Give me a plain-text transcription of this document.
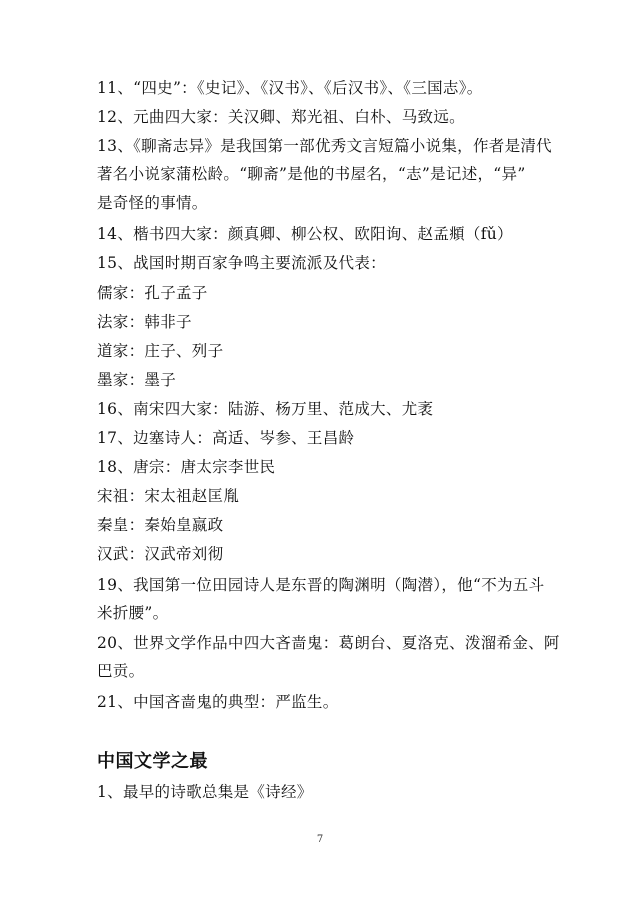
11、“四史”：《史记》、《汉书》、《后汉书》、《三国志》。
12、元曲四大家：关汉卿、郑光祖、白朴、马致远。
13、《聊斋志异》是我国第一部优秀文言短篇小说集，作者是清代
著名小说家蒲松龄。“聊斋”是他的书屋名，“志”是记述，“异”
是奇怪的事情。
14、楷书四大家：颜真卿、柳公权、欧阳询、赵孟頫（fǔ）
15、战国时期百家争鸣主要流派及代表：
儒家：孔子孟子
法家：韩非子
道家：庄子、列子
墨家：墨子
16、南宋四大家：陆游、杨万里、范成大、尤袤
17、边塞诗人：高适、岑参、王昌龄
18、唐宗：唐太宗李世民
宋祖：宋太祖赵匡胤
秦皇：秦始皇嬴政
汉武：汉武帝刘彻
19、我国第一位田园诗人是东晋的陶渊明（陶潜），他“不为五斗
米折腰”。
20、世界文学作品中四大吝啬鬼：葛朗台、夏洛克、泼溜希金、阿
巴贡。
21、中国吝啬鬼的典型：严监生。
中国文学之最
1、最早的诗歌总集是《诗经》
7
